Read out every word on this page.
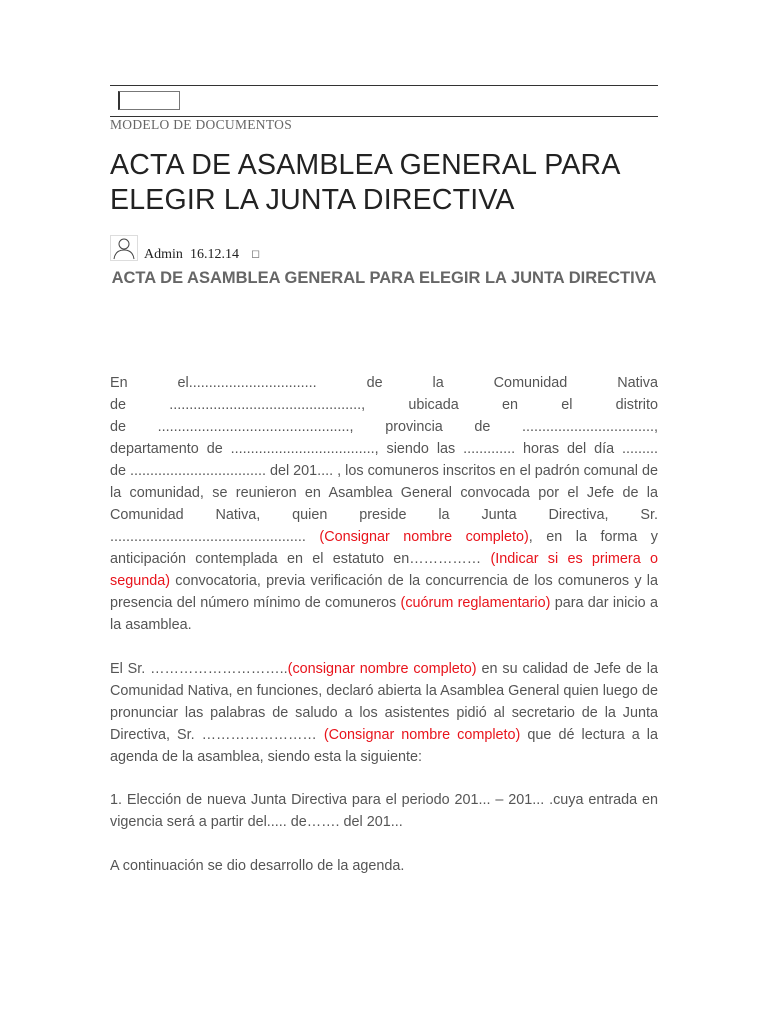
MODELO DE DOCUMENTOS
ACTA DE ASAMBLEA GENERAL PARA ELEGIR LA JUNTA DIRECTIVA
Admin 16.12.14 ◻
ACTA DE ASAMBLEA GENERAL PARA ELEGIR LA JUNTA DIRECTIVA

En el................................ de la Comunidad Nativa
de ................................................, ubicada en el distrito
de ................................................, provincia de .................................,
departamento de ...................................., siendo las ............. horas del día .........
de .................................. del 201.... , los comuneros inscritos en el padrón comunal de la comunidad, se reunieron en Asamblea General convocada por el Jefe de la Comunidad Nativa, quien preside la Junta Directiva, Sr. ................................................. (Consignar nombre completo), en la forma y anticipación contemplada en el estatuto en…………… (Indicar si es primera o segunda) convocatoria, previa verificación de la concurrencia de los comuneros y la presencia del número mínimo de comuneros (cuórum reglamentario) para dar inicio a la asamblea.

El Sr. ………………………..(consignar nombre completo) en su calidad de Jefe de la Comunidad Nativa, en funciones, declaró abierta la Asamblea General quien luego de pronunciar las palabras de saludo a los asistentes pidió al secretario de la Junta Directiva, Sr. …………………… (Consignar nombre completo) que dé lectura a la agenda de la asamblea, siendo esta la siguiente:

1. Elección de nueva Junta Directiva para el periodo 201... – 201... .cuya entrada en vigencia será a partir del..... de……. del 201...

A continuación se dio desarrollo de la agenda.
